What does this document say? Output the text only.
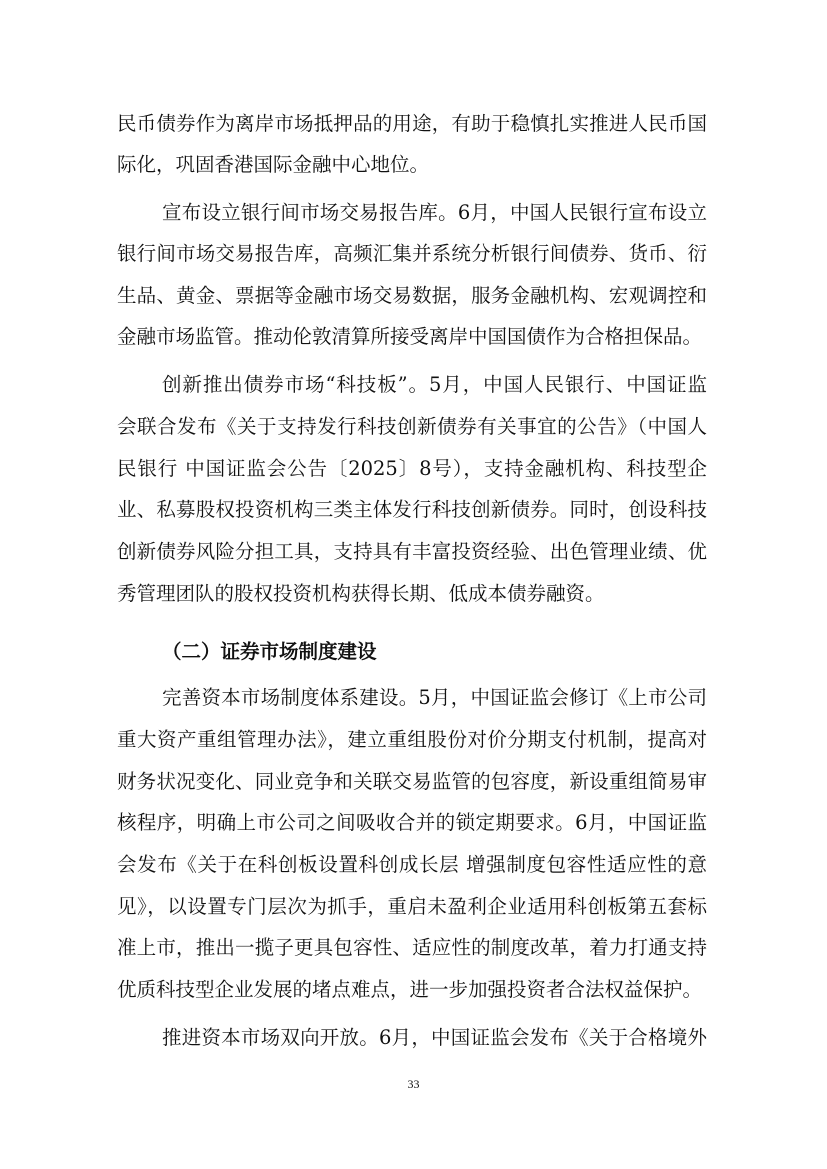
民币债券作为离岸市场抵押品的用途，有助于稳慎扎实推进人民币国
际化，巩固香港国际金融中心地位。
宣布设立银行间市场交易报告库。6月，中国人民银行宣布设立
银行间市场交易报告库，高频汇集并系统分析银行间债券、货币、衍
生品、黄金、票据等金融市场交易数据，服务金融机构、宏观调控和
金融市场监管。推动伦敦清算所接受离岸中国国债作为合格担保品。
创新推出债券市场“科技板”。5月，中国人民银行、中国证监
会联合发布《关于支持发行科技创新债券有关事宜的公告》（中国人
民银行 中国证监会公告〔2025〕8号），支持金融机构、科技型企
业、私募股权投资机构三类主体发行科技创新债券。同时，创设科技
创新债券风险分担工具，支持具有丰富投资经验、出色管理业绩、优
秀管理团队的股权投资机构获得长期、低成本债券融资。
（二）证券市场制度建设
完善资本市场制度体系建设。5月，中国证监会修订《上市公司
重大资产重组管理办法》，建立重组股份对价分期支付机制，提高对
财务状况变化、同业竞争和关联交易监管的包容度，新设重组简易审
核程序，明确上市公司之间吸收合并的锁定期要求。6月，中国证监
会发布《关于在科创板设置科创成长层 增强制度包容性适应性的意
见》，以设置专门层次为抓手，重启未盈利企业适用科创板第五套标
准上市，推出一揽子更具包容性、适应性的制度改革，着力打通支持
优质科技型企业发展的堵点难点，进一步加强投资者合法权益保护。
推进资本市场双向开放。6月，中国证监会发布《关于合格境外
33
